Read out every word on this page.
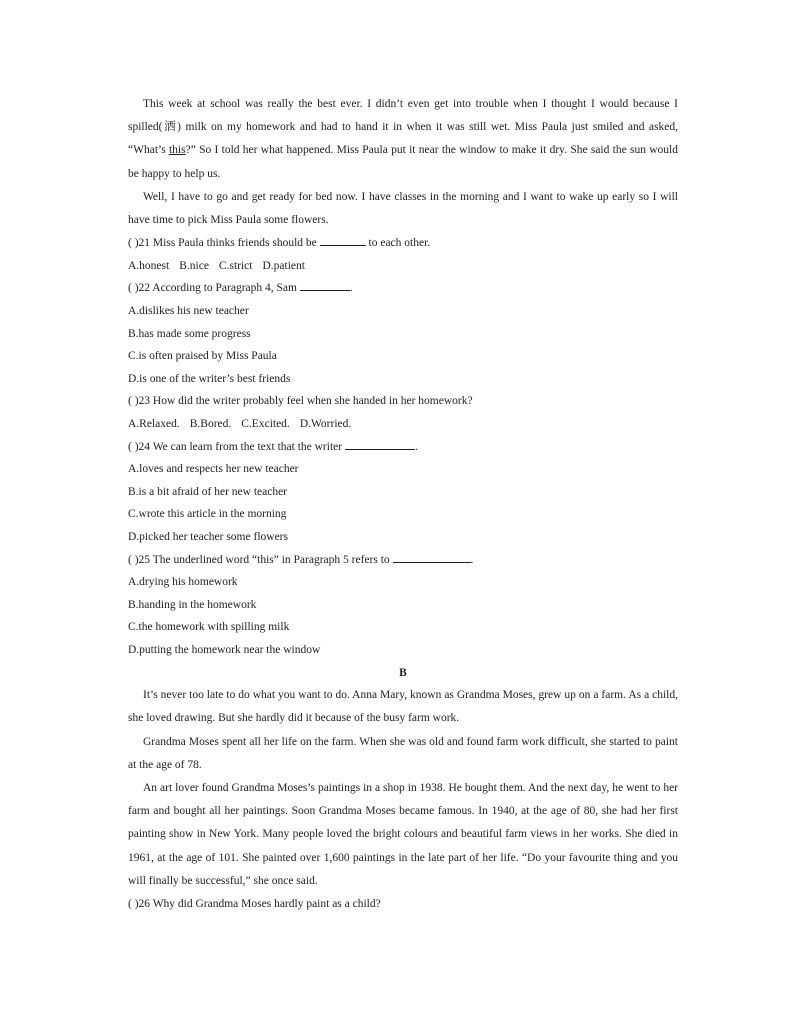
This week at school was really the best ever. I didn’t even get into trouble when I thought I would because I spilled(洒) milk on my homework and had to hand it in when it was still wet. Miss Paula just smiled and asked, “What’s this?” So I told her what happened. Miss Paula put it near the window to make it dry. She said the sun would be happy to help us.

Well, I have to go and get ready for bed now. I have classes in the morning and I want to wake up early so I will have time to pick Miss Paula some flowers.

( )21 Miss Paula thinks friends should be	to each other.

A.honest B.nice C.strict D.patient

( )22 According to Paragraph 4, Sam	.

A.dislikes his new teacher

B.has made some progress

C.is often praised by Miss Paula

D.is one of the writer’s best friends

( )23 How did the writer probably feel when she handed in her homework?

A.Relaxed. B.Bored. C.Excited. D.Worried.

( )24 We can learn from the text that the writer	.

A.loves and respects her new teacher

B.is a bit afraid of her new teacher

C.wrote this article in the morning

D.picked her teacher some flowers

( )25 The underlined word “this” in Paragraph 5 refers to	.

A.drying his homework

B.handing in the homework

C.the homework with spilling milk

D.putting the homework near the window

B

It’s never too late to do what you want to do. Anna Mary, known as Grandma Moses, grew up on a farm. As a child, she loved drawing. But she hardly did it because of the busy farm work.

Grandma Moses spent all her life on the farm. When she was old and found farm work difficult, she started to paint at the age of 78.

An art lover found Grandma Moses’s paintings in a shop in 1938. He bought them. And the next day, he went to her farm and bought all her paintings. Soon Grandma Moses became famous. In 1940, at the age of 80, she had her first painting show in New York. Many people loved the bright colours and beautiful farm views in her works. She died in 1961, at the age of 101. She painted over 1,600 paintings in the late part of her life. “Do your favourite thing and you will finally be successful,” she once said.

( )26 Why did Grandma Moses hardly paint as a child?
